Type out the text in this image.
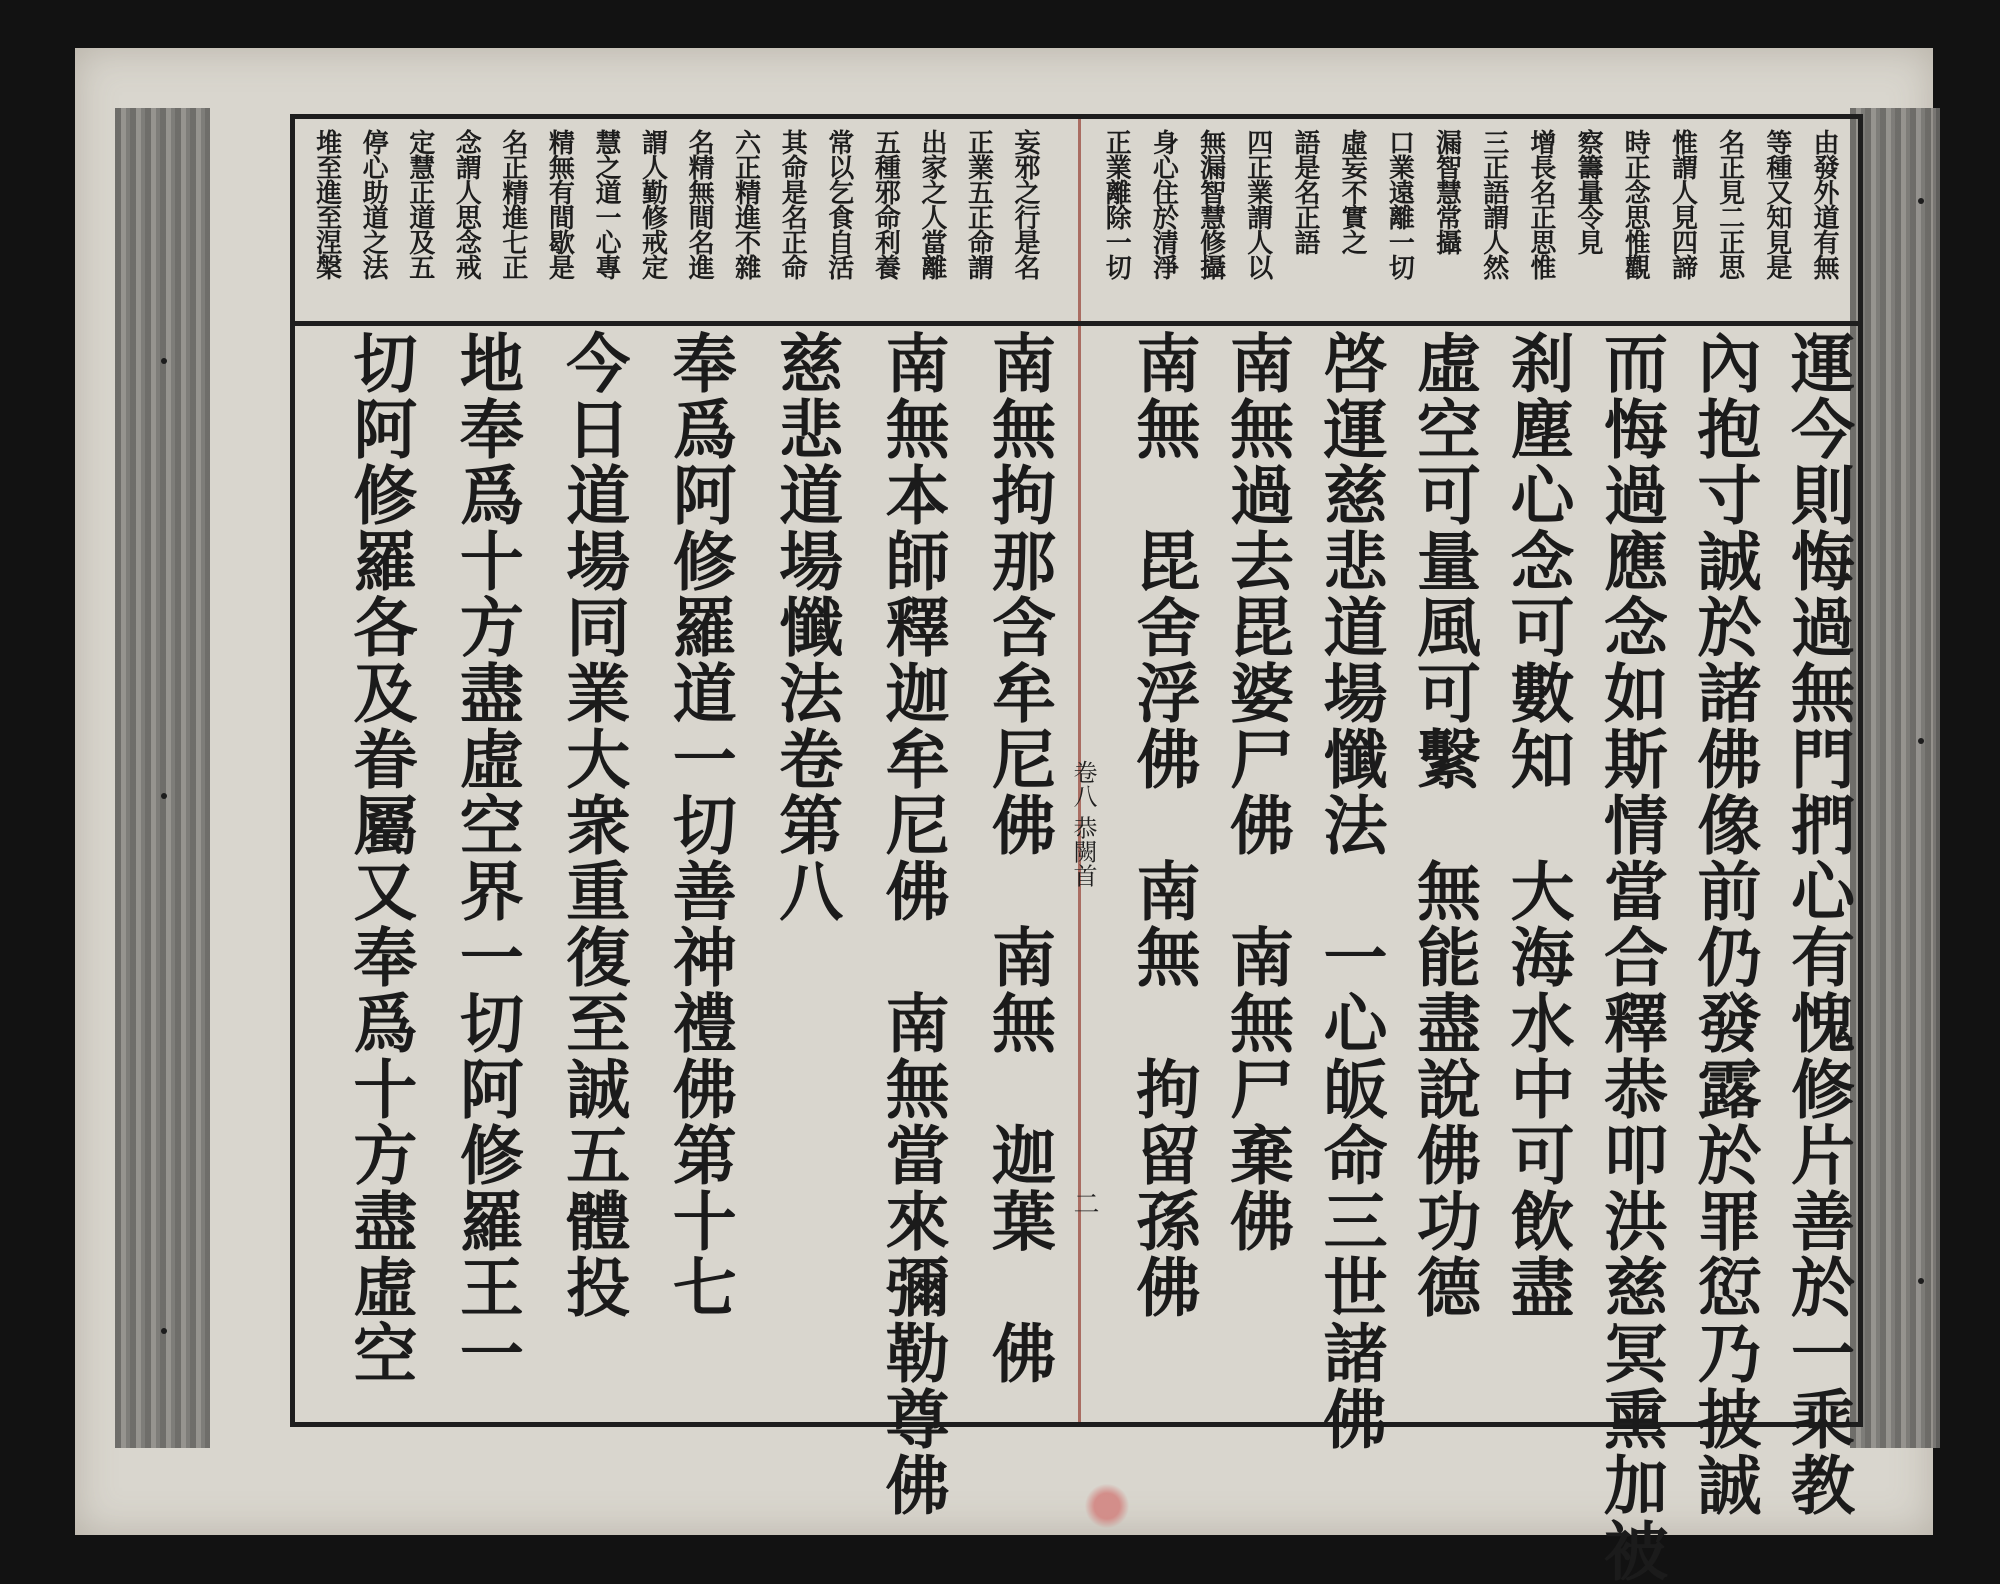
妄邪之行是名
正業五正命謂
出家之人當離
五種邪命利養
常以乞食自活
其命是名正命
六正精進不雜
名精無間名進
謂人勤修戒定
慧之道一心專
精無有間歇是
名正精進七正
念謂人思念戒
定慧正道及五
停心助道之法
堆至進至涅槃	由發外道有無
等種又知見是
名正見二正思
惟謂人見四諦
時正念思惟觀
察籌量令見
增長名正思惟
三正語謂人然
漏智慧常攝
口業遠離一切
虛妄不實之
語是名正語
四正業謂人以
無漏智慧修攝
身心住於清淨
正業離除一切
南無拘那含牟尼佛　南無　迦葉　佛
南無本師釋迦牟尼佛　南無當來彌勒尊佛
慈悲道場懺法卷第八
奉爲阿修羅道一切善神禮佛第十七
今日道場同業大衆重復至誠五體投
地奉爲十方盡虛空界一切阿修羅王一
切阿修羅各及眷屬又奉爲十方盡虛空	卷八 恭闕首
二	運今則悔過無門捫心有愧修片善於一乘教
內抱寸誠於諸佛像前仍發露於罪愆乃披誠
而悔過應念如斯情當合釋恭叩洪慈冥熏加被
刹塵心念可數知　大海水中可飲盡
虛空可量風可繫　無能盡說佛功德
啓運慈悲道場懺法　一心皈命三世諸佛
南無過去毘婆尸佛　南無尸棄佛
南無　毘舍浮佛　南無　拘留孫佛
